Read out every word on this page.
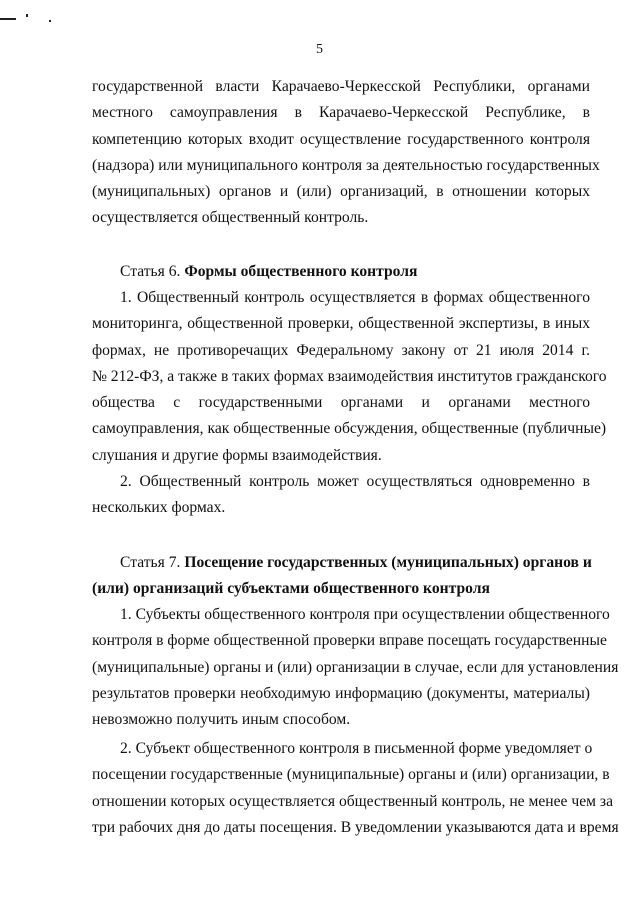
5
государственной власти Карачаево-Черкесской Республики, органами
местного самоуправления в Карачаево-Черкесской Республике, в
компетенцию которых входит осуществление государственного контроля
(надзора) или муниципального контроля за деятельностью государственных
(муниципальных) органов и (или) организаций, в отношении которых
осуществляется общественный контроль.
Статья 6. Формы общественного контроля
1. Общественный контроль осуществляется в формах общественного
мониторинга, общественной проверки, общественной экспертизы, в иных
формах, не противоречащих Федеральному закону от 21 июля 2014 г.
№ 212-ФЗ, а также в таких формах взаимодействия институтов гражданского
общества с государственными органами и органами местного
самоуправления, как общественные обсуждения, общественные (публичные)
слушания и другие формы взаимодействия.
2. Общественный контроль может осуществляться одновременно в
нескольких формах.
Статья 7. Посещение государственных (муниципальных) органов и
(или) организаций субъектами общественного контроля
1. Субъекты общественного контроля при осуществлении общественного
контроля в форме общественной проверки вправе посещать государственные
(муниципальные) органы и (или) организации в случае, если для установления
результатов проверки необходимую информацию (документы, материалы)
невозможно получить иным способом.
2. Субъект общественного контроля в письменной форме уведомляет о
посещении государственные (муниципальные) органы и (или) организации, в
отношении которых осуществляется общественный контроль, не менее чем за
три рабочих дня до даты посещения. В уведомлении указываются дата и время
